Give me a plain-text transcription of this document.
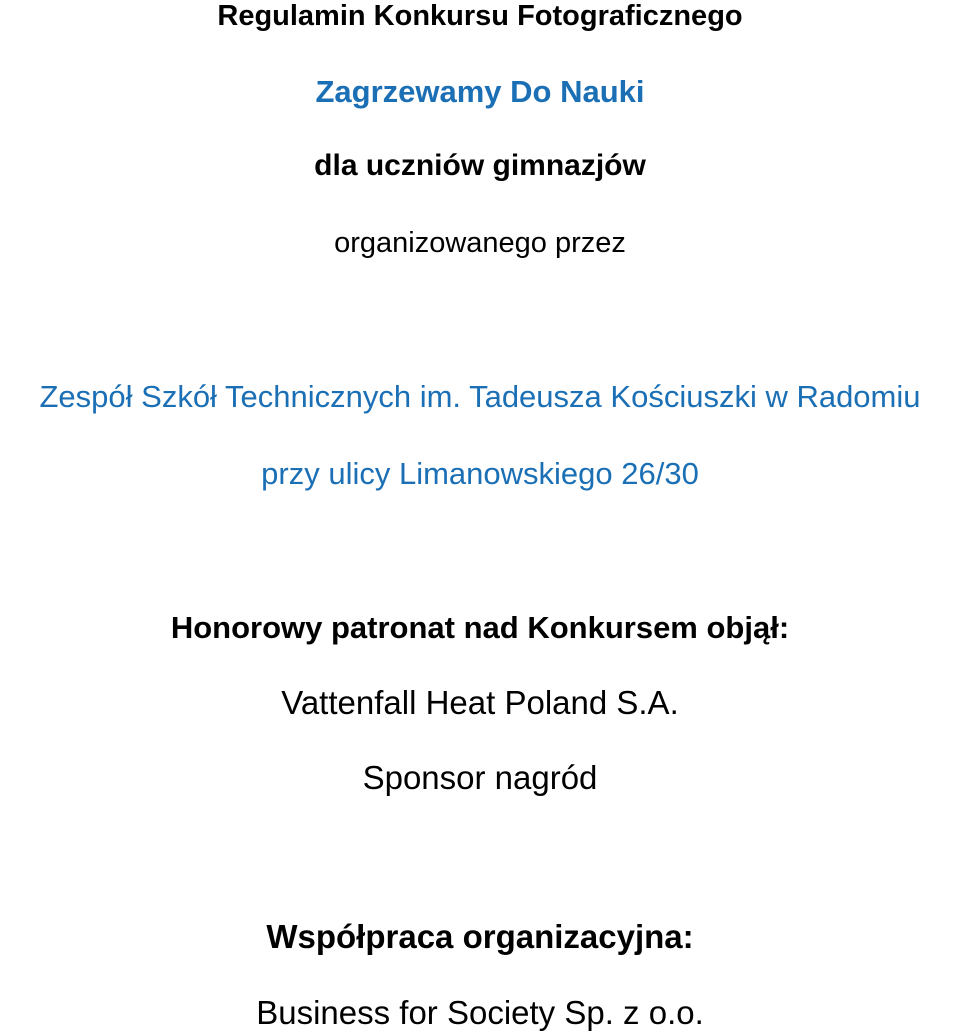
Regulamin Konkursu Fotograficznego
Zagrzewamy Do Nauki
dla uczniów gimnazjów
organizowanego przez
Zespół Szkół Technicznych im. Tadeusza Kościuszki w Radomiu
przy ulicy Limanowskiego 26/30
Honorowy patronat nad Konkursem objął:
Vattenfall Heat Poland S.A.
Sponsor nagród
Współpraca organizacyjna:
Business for Society Sp. z o.o.
